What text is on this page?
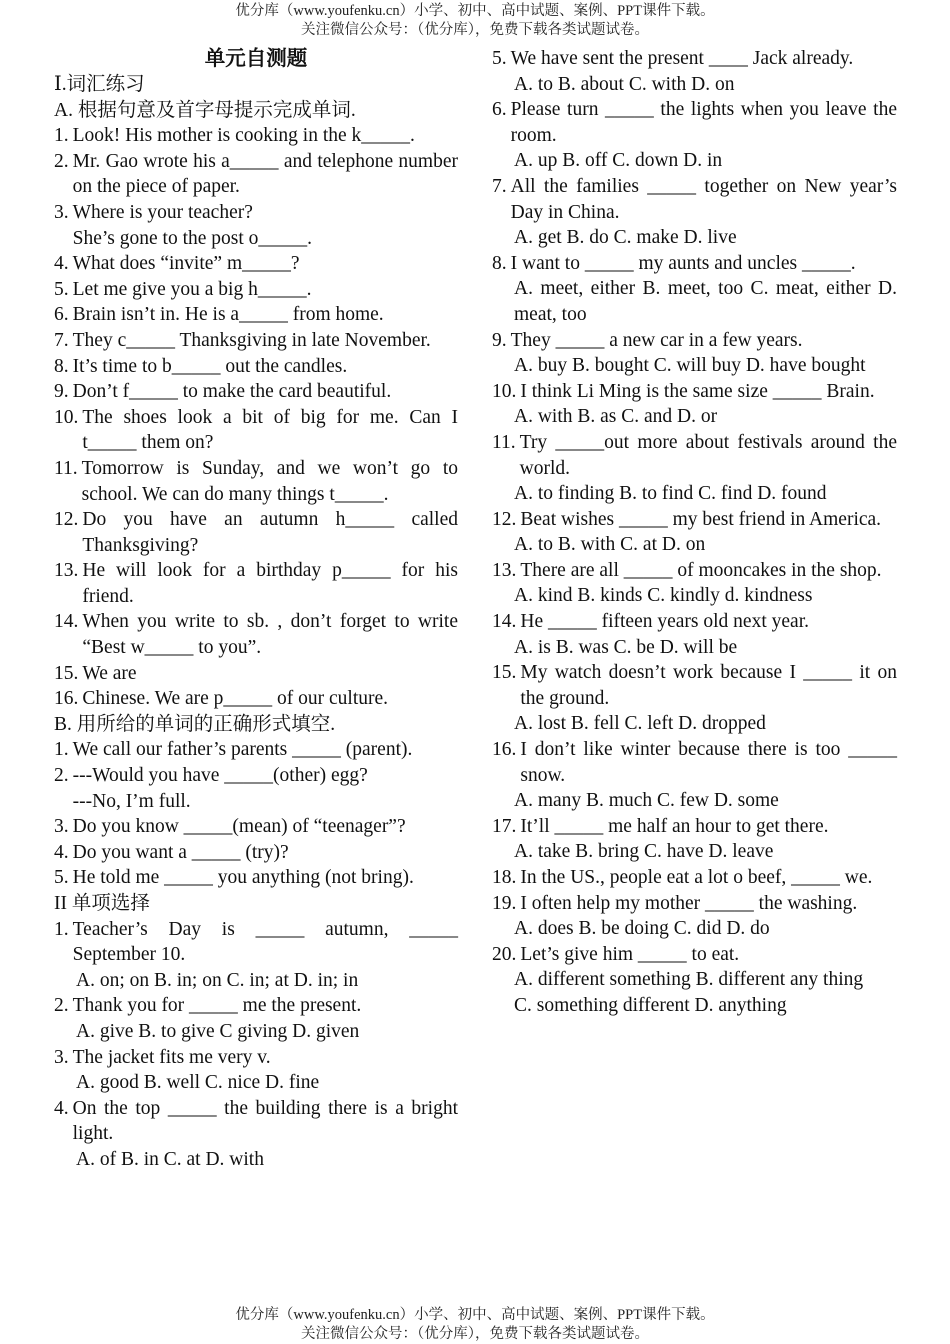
优分库（www.youfenku.cn）小学、初中、高中试题、案例、PPT课件下载。
关注微信公众号：（优分库），免费下载各类试题试卷。
单元自测题
Ⅰ.词汇练习
A. 根据句意及首字母提示完成单词.
1. Look! His mother is cooking in the k_____.
2. Mr. Gao wrote his a_____ and telephone number on the piece of paper.
3. Where is your teacher?
She’s gone to the post o_____.
4. What does “invite” m_____?
5. Let me give you a big h_____.
6. Brain isn’t in. He is a_____ from home.
7. They c_____ Thanksgiving in late November.
8. It’s time to b_____ out the candles.
9. Don’t f_____ to make the card beautiful.
10. The shoes look a bit of big for me. Can I t_____ them on?
11. Tomorrow is Sunday, and we won’t go to school. We can do many things t_____.
12. Do you have an autumn h_____ called Thanksgiving?
13. He will look for a birthday p_____ for his friend.
14. When you write to sb. , don’t forget to write “Best w_____ to you”.
15. We are
16. Chinese. We are p_____ of our culture.
B. 用所给的单词的正确形式填空.
1. We call our father’s parents _____ (parent).
2. ---Would you have _____(other) egg?
---No, I’m full.
3. Do you know _____(mean) of “teenager”?
4. Do you want a _____ (try)?
5. He told me _____ you anything (not bring).
II 单项选择
1. Teacher’s Day is _____ autumn, _____ September 10.
A. on; on B. in; on C. in; at D. in; in
2. Thank you for _____ me the present.
A. give B. to give C giving D. given
3. The jacket fits me very v.
A. good B. well C. nice D. fine
4. On the top _____ the building there is a bright light.
A. of B. in C. at D. with
5. We have sent the present ____ Jack already.
A. to B. about C. with D. on
6. Please turn _____ the lights when you leave the room.
A. up B. off C. down D. in
7. All the families _____ together on New year’s Day in China.
A. get B. do C. make D. live
8. I want to _____ my aunts and uncles _____.
A. meet, either B. meet, too C. meat, either D. meat, too
9. They _____ a new car in a few years.
A. buy B. bought C. will buy D. have bought
10. I think Li Ming is the same size _____ Brain.
A. with B. as C. and D. or
11. Try _____out more about festivals around the world.
A. to finding B. to find C. find D. found
12. Beat wishes _____ my best friend in America.
A. to B. with C. at D. on
13. There are all _____ of mooncakes in the shop.
A. kind B. kinds C. kindly d. kindness
14. He _____ fifteen years old next year.
A. is B. was C. be D. will be
15. My watch doesn’t work because I _____ it on the ground.
A. lost B. fell C. left D. dropped
16. I don’t like winter because there is too _____ snow.
A. many B. much C. few D. some
17. It’ll _____ me half an hour to get there.
A. take B. bring C. have D. leave
18. In the US., people eat a lot o beef, _____ we.
19. I often help my mother _____ the washing.
A. does B. be doing C. did D. do
20. Let’s give him _____ to eat.
A. different something B. different any thing
C. something different D. anything
优分库（www.youfenku.cn）小学、初中、高中试题、案例、PPT课件下载。
关注微信公众号：（优分库），免费下载各类试题试卷。
